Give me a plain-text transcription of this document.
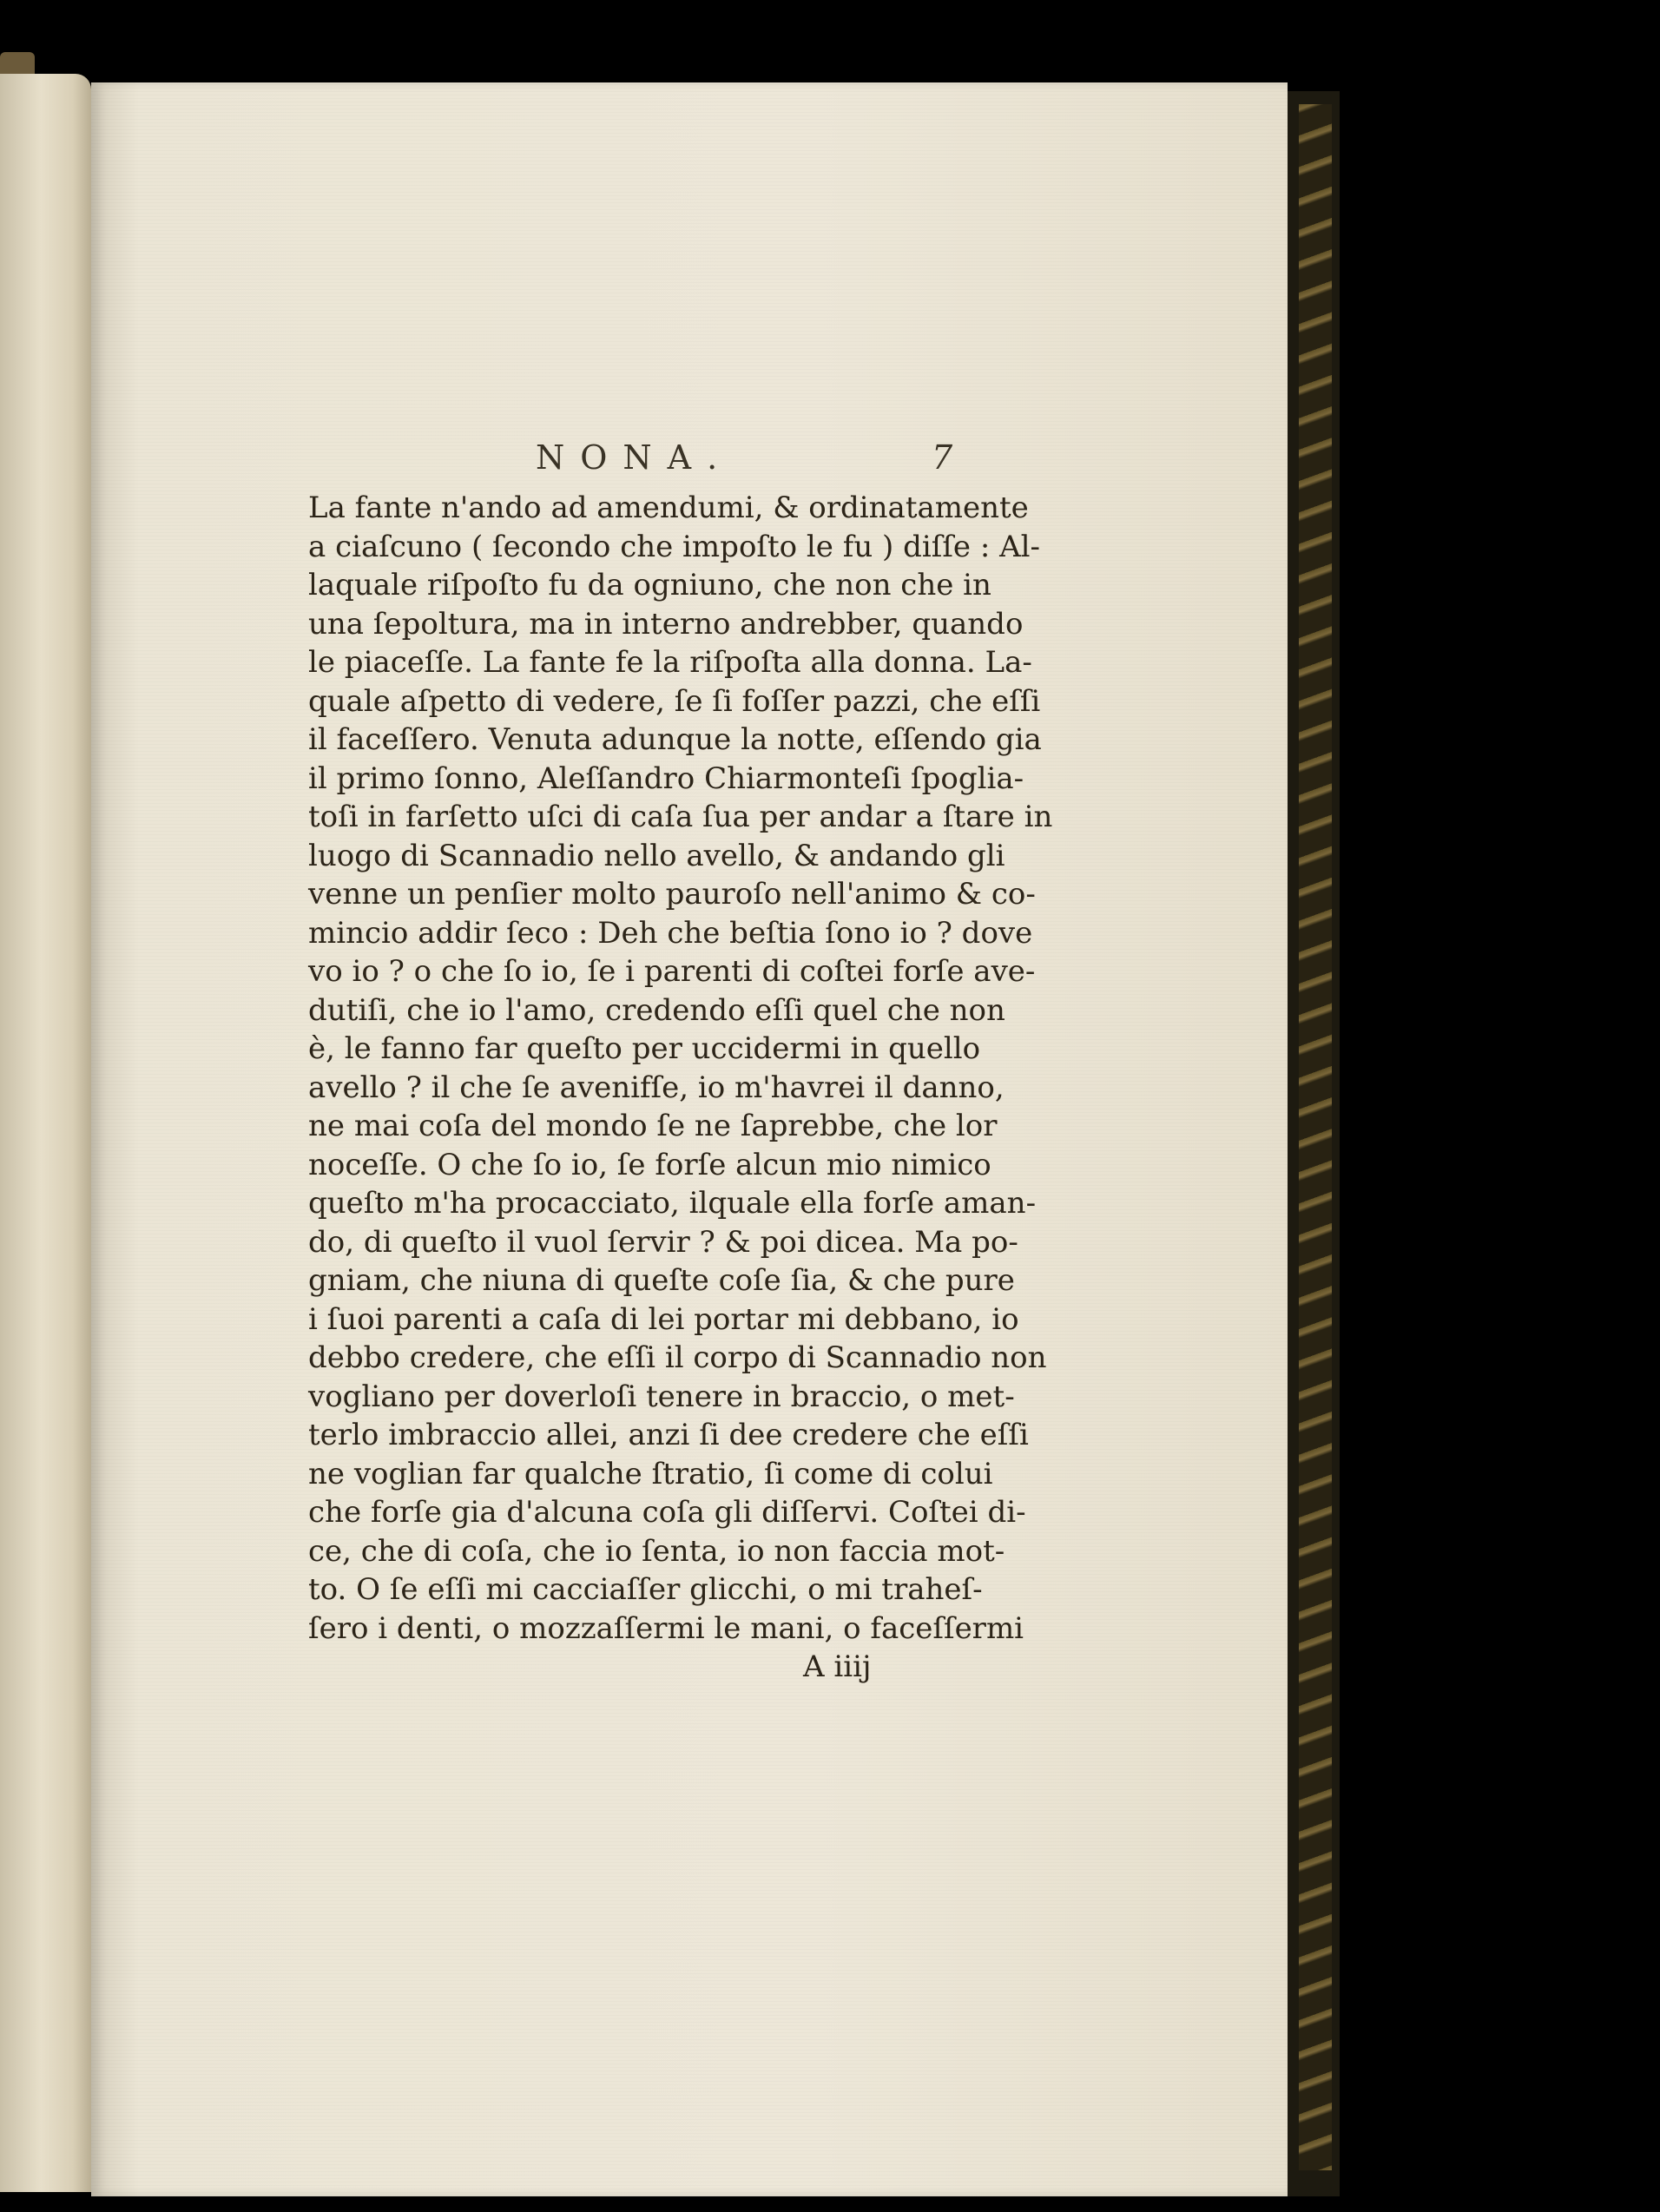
NONA.	7
La fante n'ando ad amendumi, & ordinatamente
a ciaſcuno ( ſecondo che impoſto le fu ) diſſe : Al-
laquale riſpoſto fu da ogniuno, che non che in
una ſepoltura, ma in interno andrebber, quando
le piaceſſe. La fante fe la riſpoſta alla donna. La-
quale aſpetto di vedere, ſe ſi foſſer pazzi, che eſſi
il faceſſero. Venuta adunque la notte, eſſendo gia
il primo ſonno, Aleſſandro Chiarmonteſi ſpoglia-
toſi in farſetto uſci di caſa ſua per andar a ſtare in
luogo di Scannadio nello avello, & andando gli
venne un penſier molto pauroſo nell'animo & co-
mincio addir ſeco : Deh che beſtia ſono io ? dove
vo io ? o che ſo io, ſe i parenti di coſtei forſe ave-
dutiſi, che io l'amo, credendo eſſi quel che non
è, le fanno far queſto per uccidermi in quello
avello ? il che ſe avenifſe, io m'havrei il danno,
ne mai coſa del mondo ſe ne ſaprebbe, che lor
noceſſe. O che ſo io, ſe forſe alcun mio nimico
queſto m'ha procacciato, ilquale ella forſe aman-
do, di queſto il vuol ſervir ? & poi dicea. Ma po-
gniam, che niuna di queſte coſe ſia, & che pure
i ſuoi parenti a caſa di lei portar mi debbano, io
debbo credere, che eſſi il corpo di Scannadio non
vogliano per doverloſi tenere in braccio, o met-
terlo imbraccio allei, anzi ſi dee credere che eſſi
ne voglian far qualche ſtratio, ſi come di colui
che forſe gia d'alcuna coſa gli diſſervi. Coſtei di-
ce, che di coſa, che io ſenta, io non faccia mot-
to. O ſe eſſi mi cacciaſſer glicchi, o mi traheſ-
ſero i denti, o mozzaſſermi le mani, o faceſſermi
A iiij
